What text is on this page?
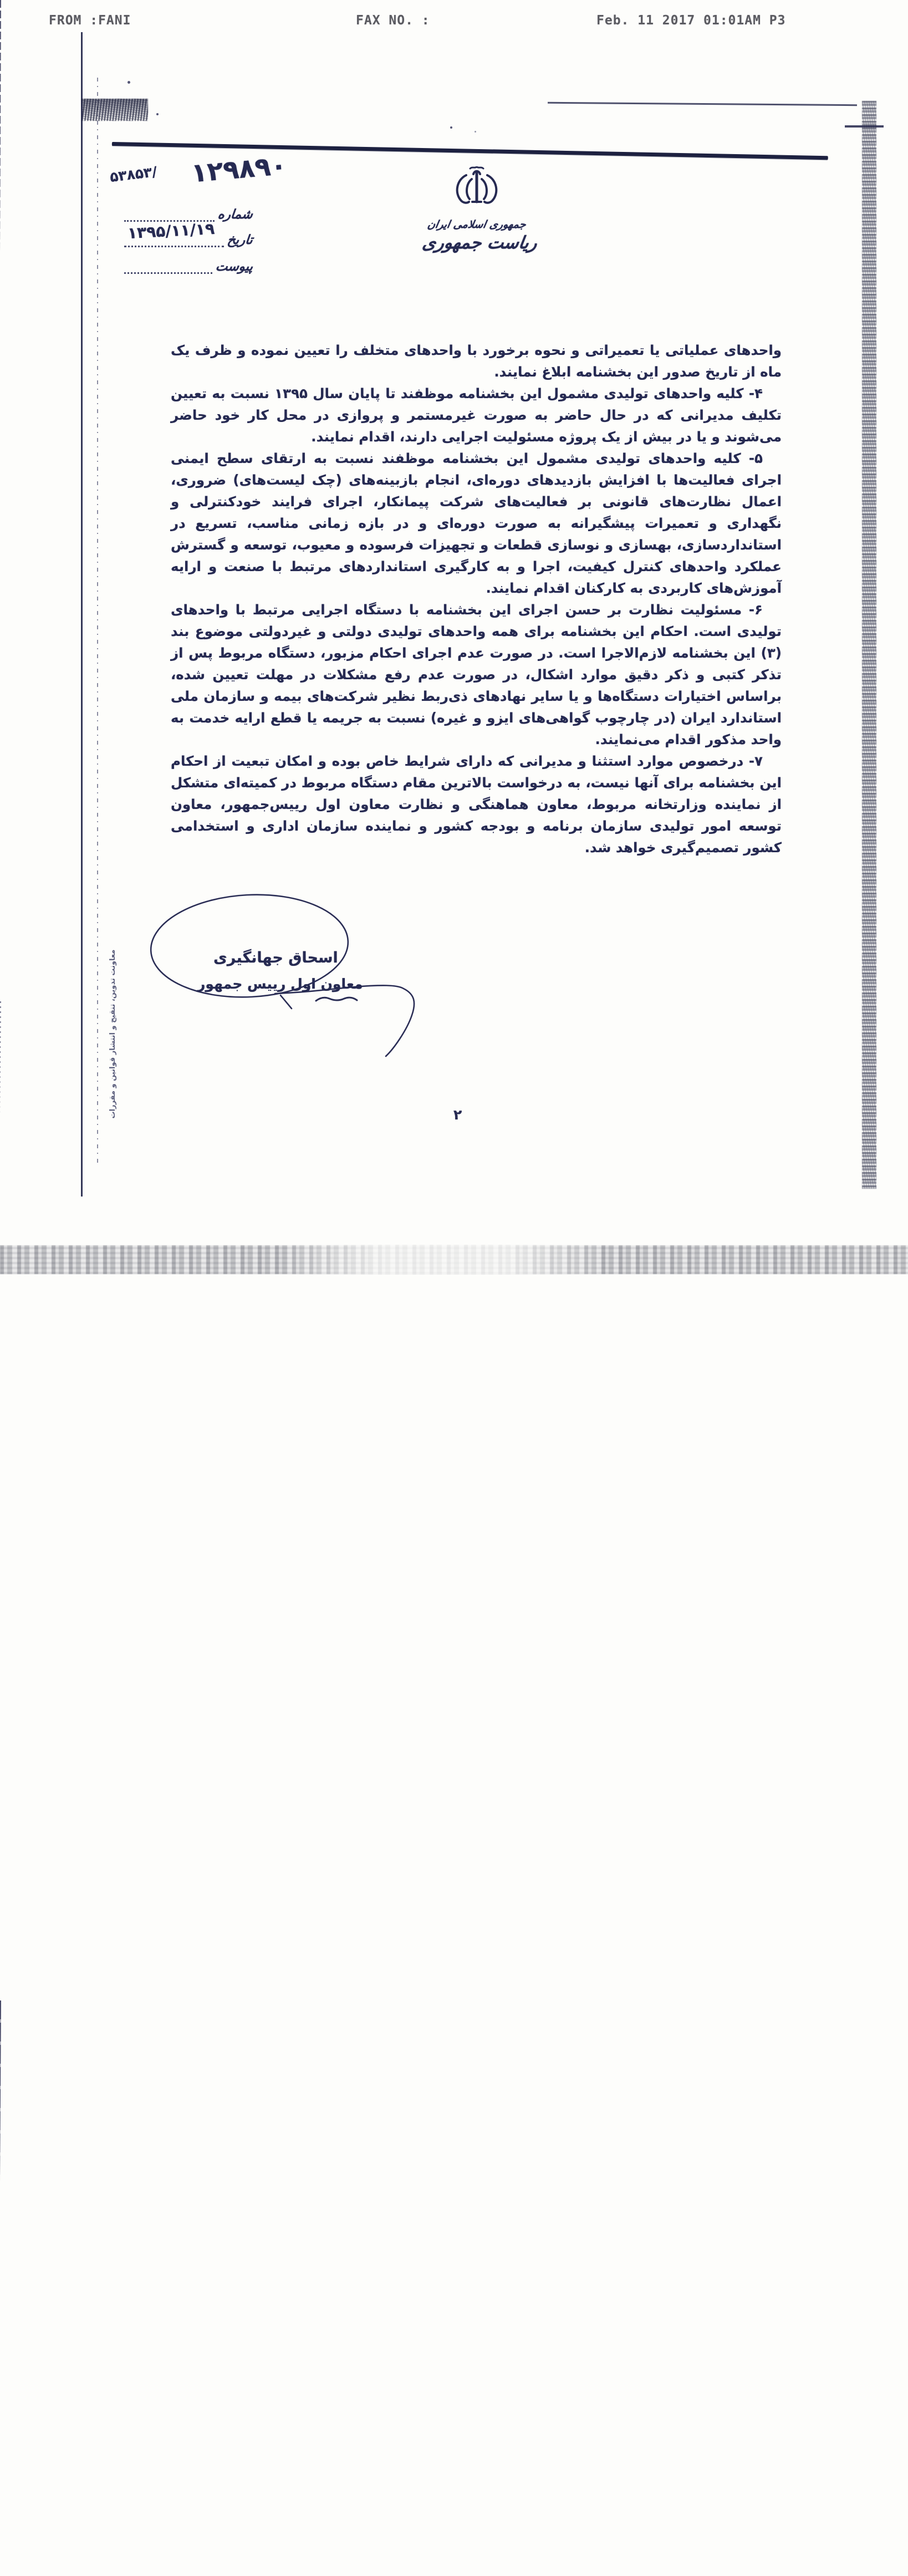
FROM :FANI	FAX NO. :	Feb. 11 2017 01:01AM P3
۱۲۹۸۹۰
۵۳۸۵۳/
شماره
تاریخ
۱۳۹۵/۱۱/۱۹
پیوست
جمهوری اسلامی ایران
ریاست جمهوری

واحدهای عملیاتی یا تعمیراتی و نحوه برخورد با واحدهای متخلف را تعیین نموده و ظرف یک ماه از تاریخ صدور این بخشنامه ابلاغ نمایند.

۴- کلیه واحدهای تولیدی مشمول این بخشنامه موظفند تا پایان سال ۱۳۹۵ نسبت به تعیین تکلیف مدیرانی که در حال حاضر به صورت غیرمستمر و پروازی در محل کار خود حاضر می‌شوند و یا در بیش از یک پروژه مسئولیت اجرایی دارند، اقدام نمایند.

۵- کلیه واحدهای تولیدی مشمول این بخشنامه موظفند نسبت به ارتقای سطح ایمنی اجرای فعالیت‌ها با افزایش بازدیدهای دوره‌ای، انجام بازبینه‌های (چک لیست‌های) ضروری، اعمال نظارت‌های قانونی بر فعالیت‌های شرکت پیمانکار، اجرای فرایند خودکنترلی و نگهداری و تعمیرات پیشگیرانه به صورت دوره‌ای و در بازه زمانی مناسب، تسریع در استانداردسازی، بهسازی و نوسازی قطعات و تجهیزات فرسوده و معیوب، توسعه و گسترش عملکرد واحدهای کنترل کیفیت، اجرا و به کارگیری استانداردهای مرتبط با صنعت و ارایه آموزش‌های کاربردی به کارکنان اقدام نمایند.

۶- مسئولیت نظارت بر حسن اجرای این بخشنامه با دستگاه اجرایی مرتبط با واحدهای تولیدی است. احکام این بخشنامه برای همه واحدهای تولیدی دولتی و غیردولتی موضوع بند (۳) این بخشنامه لازم‌الاجرا است. در صورت عدم اجرای احکام مزبور، دستگاه مربوط پس از تذکر کتبی و ذکر دقیق موارد اشکال، در صورت عدم رفع مشکلات در مهلت تعیین شده، براساس اختیارات دستگاه‌ها و یا سایر نهادهای ذی‌ربط نظیر شرکت‌های بیمه و سازمان ملی استاندارد ایران (در چارچوب گواهی‌های ایزو و غیره) نسبت به جریمه یا قطع ارایه خدمت به واحد مذکور اقدام می‌نمایند.

۷- درخصوص موارد استثنا و مدیرانی که دارای شرایط خاص بوده و امکان تبعیت از احکام این بخشنامه برای آنها نیست، به درخواست بالاترین مقام دستگاه مربوط در کمیته‌ای متشکل از نماینده وزارتخانه مربوط، معاون هماهنگی و نظارت معاون اول رییس‌جمهور، معاون توسعه امور تولیدی سازمان برنامه و بودجه کشور و نماینده سازمان اداری و استخدامی کشور تصمیم‌گیری خواهد شد.

اسحاق جهانگیری
معاون اول رییس جمهور
معاونت تدوین، تنقیح و انتشار قوانین و مقررات	۲
